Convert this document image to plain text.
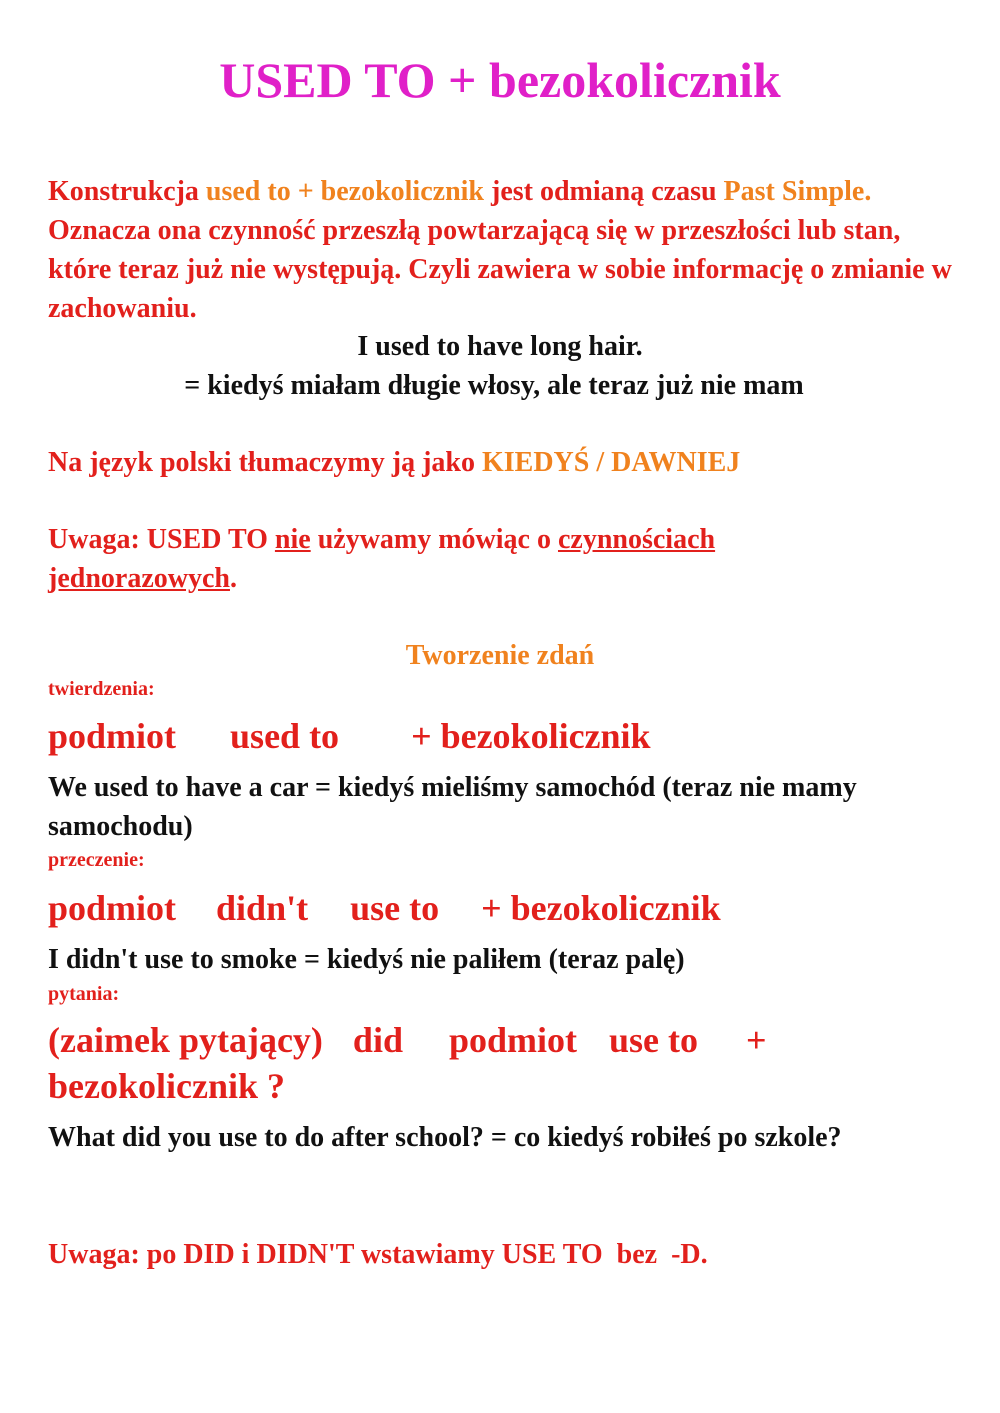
USED TO + bezokolicznik
Konstrukcja used to + bezokolicznik jest odmianą czasu Past Simple. Oznacza ona czynność przeszłą powtarzającą się w przeszłości lub stan, które teraz już nie występują. Czyli zawiera w sobie informację o zmianie w zachowaniu.
I used to have long hair.
= kiedyś miałam długie włosy, ale teraz już nie mam
Na język polski tłumaczymy ją jako KIEDYŚ / DAWNIEJ
Uwaga: USED TO nie używamy mówiąc o czynnościach jednorazowych.
Tworzenie zdań
twierdzenia:
podmiot used to + bezokolicznik
We used to have a car = kiedyś mieliśmy samochód (teraz nie mamy samochodu)
przeczenie:
podmiot didn't use to + bezokolicznik
I didn't use to smoke = kiedyś nie paliłem (teraz palę)
pytania:
(zaimek pytający) did podmiot use to +
bezokolicznik ?
What did you use to do after school? = co kiedyś robiłeś po szkole?
Uwaga: po DID i DIDN'T wstawiamy USE TO  bez  -D.
